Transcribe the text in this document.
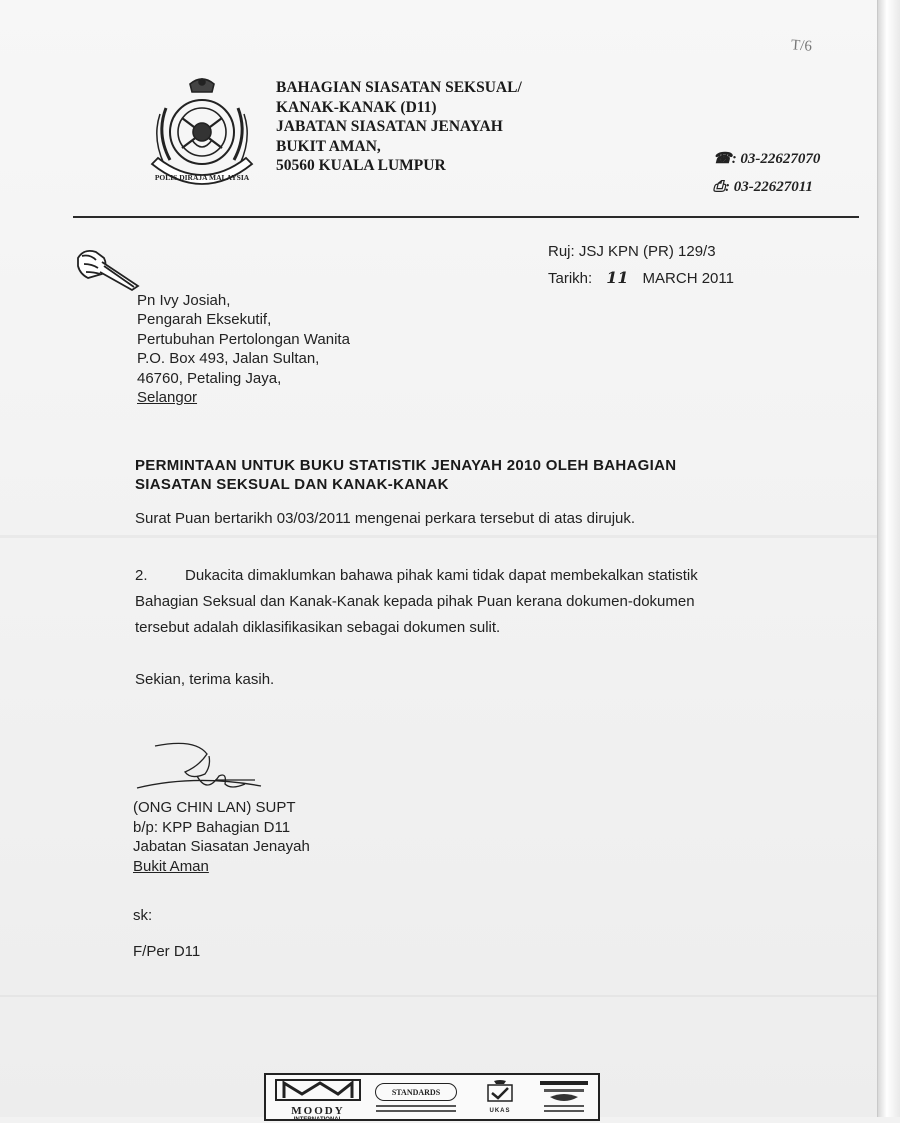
POLIS DIRAJA MALAYSIA
BAHAGIAN SIASATAN SEKSUAL/
KANAK-KANAK (D11)
JABATAN SIASATAN JENAYAH
BUKIT AMAN,
50560 KUALA LUMPUR
T/6
☎: 03-22627070
⎙: 03-22627011
Ruj: JSJ KPN (PR) 129/3
Tarikh: 11 MARCH 2011
Pn Ivy Josiah,
Pengarah Eksekutif,
Pertubuhan Pertolongan Wanita
P.O. Box 493, Jalan Sultan,
46760, Petaling Jaya,
Selangor
PERMINTAAN UNTUK BUKU STATISTIK JENAYAH 2010 OLEH BAHAGIAN SIASATAN SEKSUAL DAN KANAK-KANAK
Surat Puan bertarikh 03/03/2011 mengenai perkara tersebut di atas dirujuk.
2. Dukacita dimaklumkan bahawa pihak kami tidak dapat membekalkan statistik
Bahagian Seksual dan Kanak-Kanak kepada pihak Puan kerana dokumen-dokumen
tersebut adalah diklasifikasikan sebagai dokumen sulit.
Sekian, terima kasih.
(ONG CHIN LAN) SUPT
b/p: KPP Bahagian D11
Jabatan Siasatan Jenayah
Bukit Aman
sk:
F/Per D11
MOODY
INTERNATIONAL
STANDARDS
UKAS
